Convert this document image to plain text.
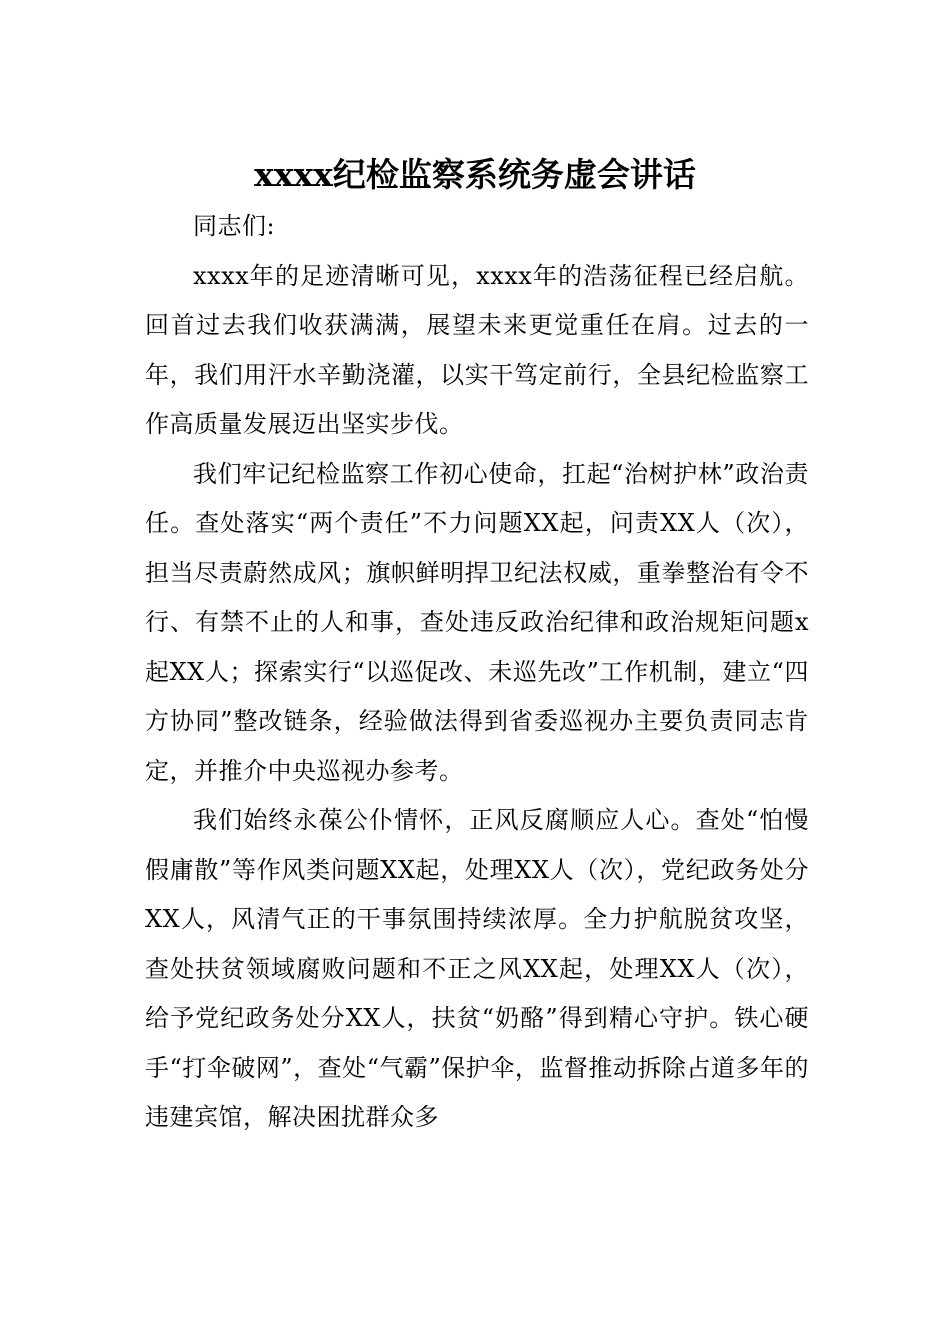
xxxx纪检监察系统务虚会讲话

同志们:

xxxx年的足迹清晰可见，xxxx年的浩荡征程已经启航。回首过去我们收获满满，展望未来更觉重任在肩。过去的一年，我们用汗水辛勤浇灌，以实干笃定前行，全县纪检监察工作高质量发展迈出坚实步伐。

我们牢记纪检监察工作初心使命，扛起“治树护林”政治责任。查处落实“两个责任”不力问题XX起，问责XX人（次），担当尽责蔚然成风；旗帜鲜明捍卫纪法权威，重拳整治有令不行、有禁不止的人和事，查处违反政治纪律和政治规矩问题x起XX人；探索实行“以巡促改、未巡先改”工作机制，建立“四方协同”整改链条，经验做法得到省委巡视办主要负责同志肯定，并推介中央巡视办参考。

我们始终永葆公仆情怀，正风反腐顺应人心。查处“怕慢假庸散”等作风类问题XX起，处理XX人（次），党纪政务处分XX人，风清气正的干事氛围持续浓厚。全力护航脱贫攻坚，查处扶贫领域腐败问题和不正之风XX起，处理XX人（次），给予党纪政务处分XX人，扶贫“奶酪”得到精心守护。铁心硬手“打伞破网”，查处“气霸”保护伞，监督推动拆除占道多年的违建宾馆，解决困扰群众多
